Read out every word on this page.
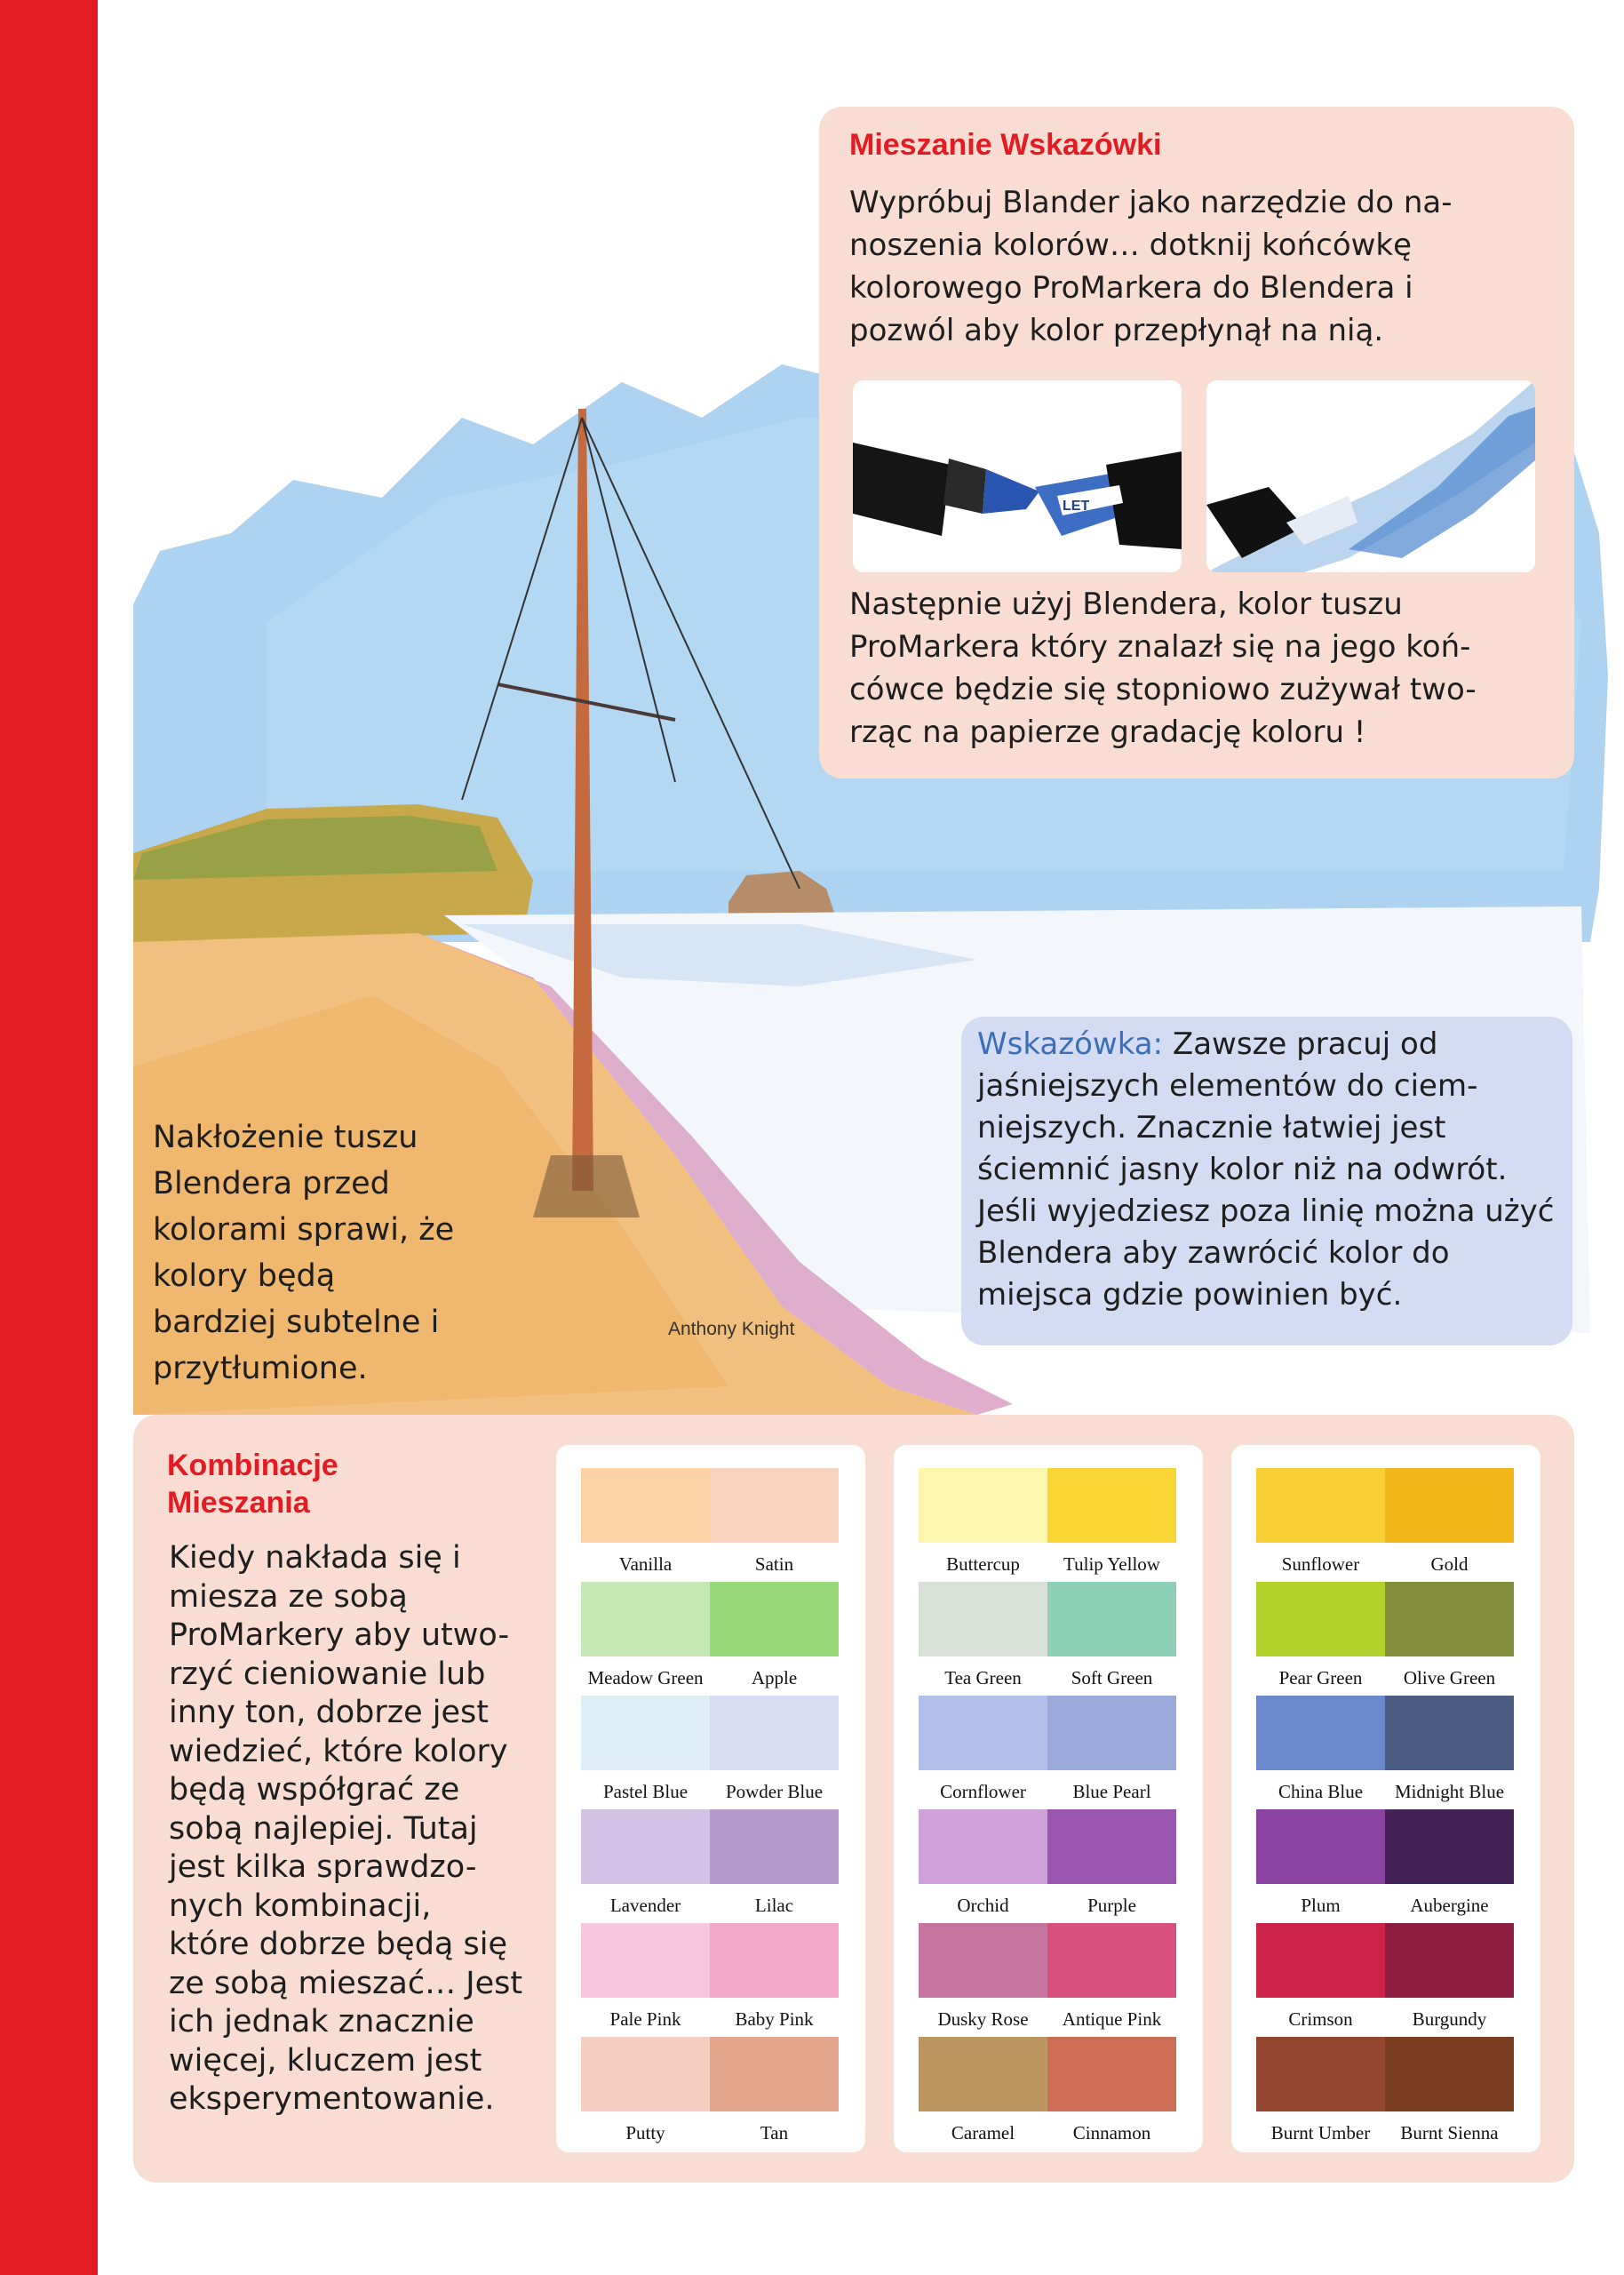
Mieszanie Wskazówki

Wypróbuj Blander jako narzędzie do na-
noszenia kolorów… dotknij końcówkę
kolorowego ProMarkera do Blendera i
pozwól aby kolor przepłynął na nią.

LET

Następnie użyj Blendera, kolor tuszu
ProMarkera który znalazł się na jego koń-
cówce będzie się stopniowo zużywał two-
rząc na papierze gradację koloru !

Wskazówka: Zawsze pracuj od jaśniejszych elementów do ciem-niejszych. Znacznie łatwiej jest ściemnić jasny kolor niż na odwrót. Jeśli wyjedziesz poza linię można użyć Blendera aby zawrócić kolor do miejsca gdzie powinien być.

Nakłożenie tuszu
Blendera przed
kolorami sprawi, że
kolory będą
bardziej subtelne i
przytłumione.

Anthony Knight
Kombinacje Mieszania

Kiedy nakłada się i
miesza ze sobą
ProMarkery aby utwo-
rzyć cieniowanie lub
inny ton, dobrze jest
wiedzieć, które kolory
będą współgrać ze
sobą najlepiej. Tutaj
jest kilka sprawdzo-
nych kombinacji,
które dobrze będą się
ze sobą mieszać… Jest
ich jednak znacznie
więcej, kluczem jest
eksperymentowanie.

Vanilla	Satin
Meadow Green	Apple
Pastel Blue	Powder Blue
Lavender	Lilac
Pale Pink	Baby Pink
Putty	Tan
Buttercup	Tulip Yellow
Tea Green	Soft Green
Cornflower	Blue Pearl
Orchid	Purple
Dusky Rose	Antique Pink
Caramel	Cinnamon
Sunflower	Gold
Pear Green	Olive Green
China Blue	Midnight Blue
Plum	Aubergine
Crimson	Burgundy
Burnt Umber	Burnt Sienna
